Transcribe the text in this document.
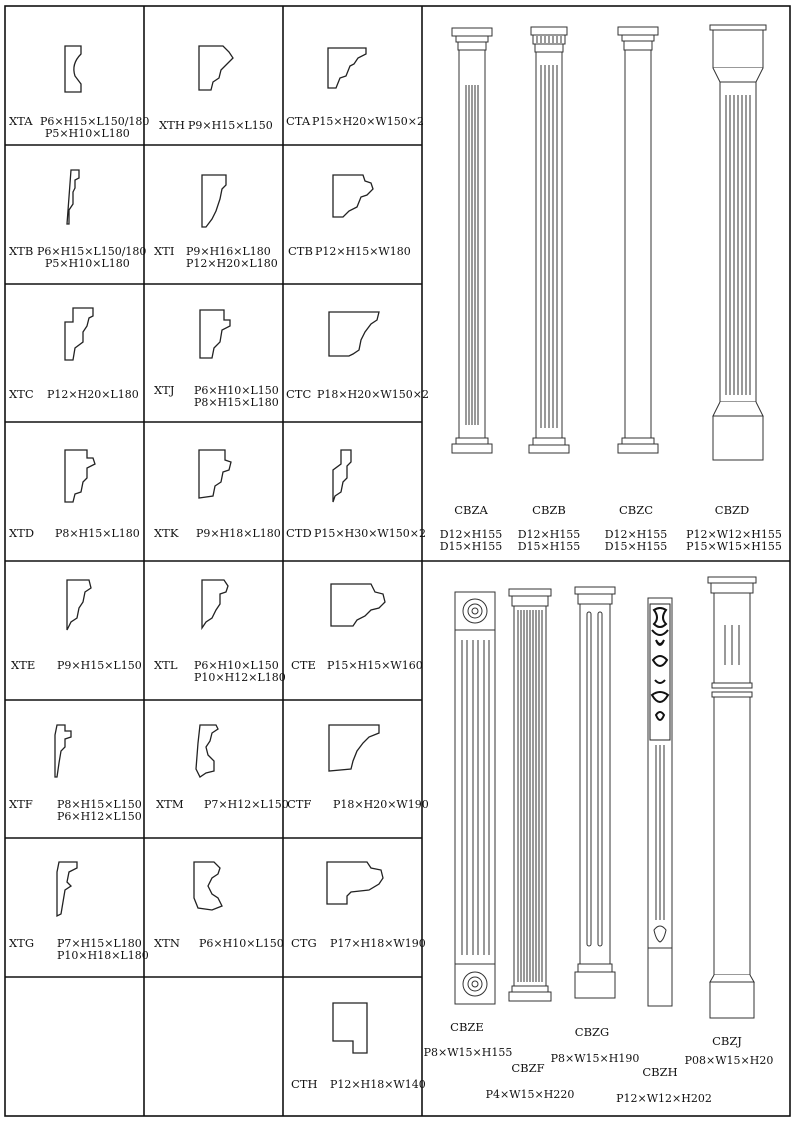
XTA P6×H15×L150/180
P5×H10×L180
XTH P9×H15×L150 CTA P15×H20×W150×2
XTB P6×H15×L150/180
P5×H10×L180
XTI P9×H16×L180
P12×H20×L180
CTB P12×H15×W180
XTC P12×H20×L180 XTJ P6×H10×L150
P8×H15×L180
CTC P18×H20×W150×2
XTD P8×H15×L180 XTK P9×H18×L180 CTD P15×H30×W150×2
XTE P9×H15×L150 XTL P6×H10×L150
P10×H12×L180
CTE P15×H15×W160
XTF P8×H15×L150
P6×H12×L150
XTM P7×H12×L150
CTF P18×H20×W190
XTG P7×H15×L180
P10×H18×L180
XTN P6×H10×L150 CTG P17×H18×W190
CTH P12×H18×W140
CBZA
D12×H155
D15×H155
CBZB
D12×H155
D15×H155
CBZC
D12×H155
D15×H155
CBZD
P12×W12×H155
P15×W15×H155
CBZE
P8×W15×H155
CBZF
P4×W15×H220
CBZG
P8×W15×H190
CBZH
P12×W12×H202
CBZJ
P08×W15×H20
